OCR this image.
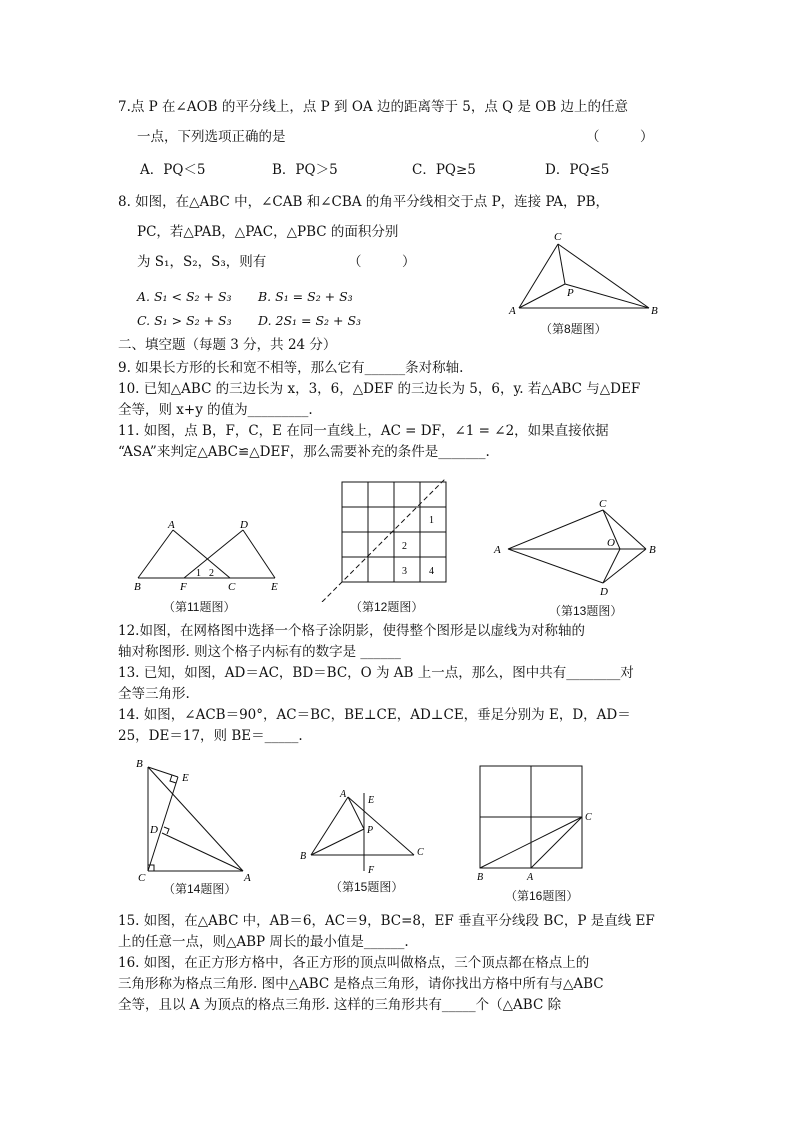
7.点 P 在∠AOB 的平分线上，点 P 到 OA 边的距离等于 5，点 Q 是 OB 边上的任意
一点，下列选项正确的是	（　　　）
A．PQ＜5	B．PQ＞5	C．PQ≥5	D．PQ≤5
8. 如图，在△ABC 中，∠CAB 和∠CBA 的角平分线相交于点 P，连接 PA，PB，
PC，若△PAB，△PAC，△PBC 的面积分别
为 S₁，S₂，S₃，则有	（　　　）
A. S₁ < S₂ + S₃ B. S₁ = S₂ + S₃
C. S₁ > S₂ + S₃ D. 2S₁ = S₂ + S₃
C
P
A	B
（第8题图）
二、填空题（每题 3 分，共 24 分）
9. 如果长方形的长和宽不相等，那么它有______条对称轴.
10. 已知△ABC 的三边长为 x，3，6，△DEF 的三边长为 5，6，y. 若△ABC 与△DEF
全等，则 x+y 的值为_________.
11. 如图，点 B，F，C，E 在同一直线上，AC = DF，∠1 = ∠2，如果直接依据
“ASA”来判定△ABC≌△DEF，那么需要补充的条件是_______.
A	D
B	F	C	E
1 2
（第11题图）
1
2
3 4
（第12题图）
A	B
C
D
O
（第13题图）
12.如图，在网格图中选择一个格子涂阴影，使得整个图形是以虚线为对称轴的
轴对称图形. 则这个格子内标有的数字是 ______
13. 已知，如图，AD＝AC，BD＝BC，O 为 AB 上一点，那么，图中共有________对
全等三角形.
14. 如图，∠ACB＝90°，AC＝BC，BE⊥CE，AD⊥CE，垂足分别为 E，D，AD＝
25，DE＝17，则 BE＝_____.
B
E
D
C	A
（第14题图）
A
E
P
B	C
F
（第15题图）
B	A
C
（第16题图）
15. 如图，在△ABC 中，AB＝6，AC＝9，BC=8，EF 垂直平分线段 BC，P 是直线 EF
上的任意一点，则△ABP 周长的最小值是______.
16. 如图，在正方形方格中，各正方形的顶点叫做格点，三个顶点都在格点上的
三角形称为格点三角形. 图中△ABC 是格点三角形，请你找出方格中所有与△ABC
全等，且以 A 为顶点的格点三角形. 这样的三角形共有_____个（△ABC 除
